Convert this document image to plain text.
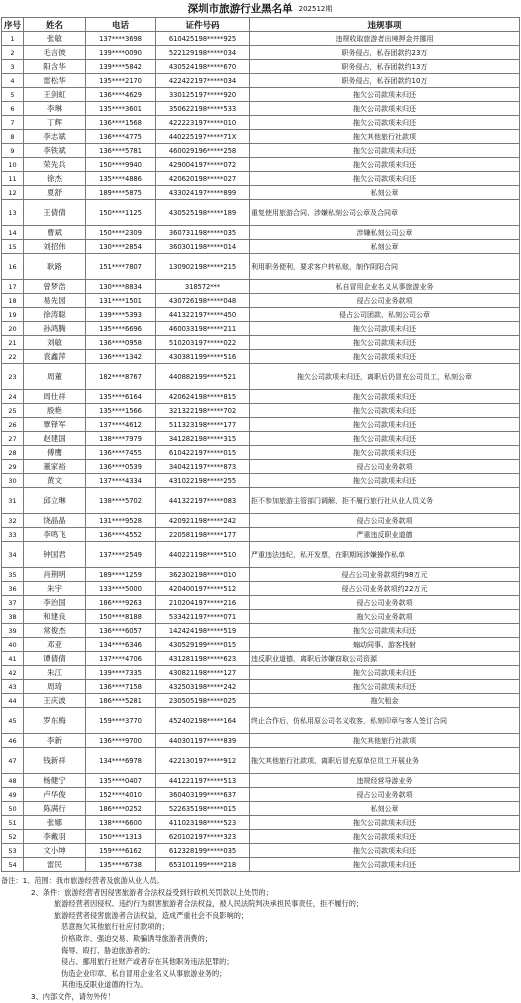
深圳市旅游行业黑名单 202512期
序号	姓名	电话	证件号码	违规事项
1	张敏	137****3698	610425198*****925	违规收取旅游者出境押金并挪用
2	毛言彼	139****0090	522129198*****034	职务侵占，私吞团款约23万
3	阳含华	139****5842	430524198*****670	职务侵占，私吞团款约13万
4	雷松华	135****2170	422422197*****034	职务侵占，私吞团款约10万
5	王剑虹	136****4629	330125197*****920	拖欠公司款项未归还
6	李琳	135****3601	350622198*****533	拖欠公司款项未归还
7	丁辉	136****1568	422223197*****010	拖欠公司款项未归还
8	李志斌	136****4775	440225197*****71X	拖欠其他旅行社款项
9	李铁斌	136****5781	460029196*****258	拖欠公司款项未归还
10	荣先兵	150****9940	429004197*****072	拖欠公司款项未归还
11	徐杰	135****4886	420620198*****027	拖欠公司款项未归还
12	夏舒	189****5875	433024197*****899	私刻公章
13	王倩倩	150****1125	430525198*****189	重复使用旅游合同、涉嫌私刻公司公章及合同章
14	曹斌	150****2309	360731198*****035	涉嫌私刻公司公章
15	刘招伟	130****2854	360301198*****014	私刻公章
16	耿路	151****7807	130902198*****215	利用职务便利，要求客户转私账，制作阴阳合同
17	曾梦浩	130****8834	318572***	私自冒用企业名义从事旅游业务
18	易先园	131****1501	430726198*****048	侵占公司业务款项
19	徐涛聪	139****5393	441322197*****450	侵占公司团款、私刻公司公章
20	孙鸿腾	135****6696	460033198*****211	拖欠公司款项未归还
21	刘敏	136****0958	510203197*****022	拖欠公司款项未归还
22	袁鑫萍	136****1342	430381199*****516	拖欠公司款项未归还
23	周董	182****8767	440882199*****521	拖欠公司款项未归还，离职后仍冒充公司员工，私刻公章
24	周仕祥	135****6164	420624198*****815	拖欠公司款项未归还
25	殷艳	135****1566	321322198*****702	拖欠公司款项未归还
26	覃铎军	137****4612	511323198*****177	拖欠公司款项未归还
27	赵建国	138****7979	341282198*****315	拖欠公司款项未归还
28	傅鹰	136****7455	610422197*****015	拖欠公司款项未归还
29	董家裕	136****0539	340421197*****873	侵占公司业务款项
30	黄文	137****4334	431022198*****255	拖欠公司款项未归还
31	邱立琳	138****5702	441322197*****083	拒不参加旅游主管部门调解，拒不履行旅行社从业人员义务
32	饶晶晶	131****9528	420921198*****242	侵占公司业务款项
33	李鸣飞	136****4552	220581198*****177	严重违反职业道德
34	钟国君	137****2549	440221198*****510	严重违法违纪，私开发票，在职期间涉嫌操作私单
35	肖荆明	189****1259	362302198*****010	侵占公司业务款项约98万元
36	朱宇	133****5000	420400197*****512	侵占公司业务款项约22万元
37	李治国	186****9263	210204197*****216	侵占公司业务款项
38	和建良	150****8188	533421197*****071	拖欠公司业务款项
39	常俊杰	136****6057	142424198*****519	拖欠公司款项未归还
40	邓亚	134****6346	430529199*****015	煽动同事、游客栈射
41	谭倩倩	137****4706	431281198*****623	违反职业道德，离职后涉嫌窃取公司资源
42	朱江	139****7335	430821198*****127	拖欠公司款项未归还
43	周琦	136****7158	432503198*****242	拖欠公司款项未归还
44	王庆波	186****5281	230505198*****025	拖欠租金
45	罗东梅	159****3770	452402198*****164	终止合作后，仿私用原公司名义收客，私刻印章与客人签订合同
46	李新	136****9700	440301197*****839	拖欠其他旅行社款项
47	钱新祥	134****6978	422130197*****912	拖欠其他旅行社款项、离职后冒充原单位员工开展业务
48	杨健宁	135****0407	441221197*****513	违规经营导游业务
49	卢华俊	152****4010	360403199*****637	侵占公司业务款项
50	陈满行	186****0252	522635198*****015	私刻公章
51	张娜	138****6600	411023198*****523	拖欠公司款项未归还
52	李戴羽	150****1313	620102197*****323	拖欠公司款项未归还
53	文小坤	159****6162	612328199*****035	拖欠公司款项未归还
54	雷民	135****6738	653101199*****218	拖欠公司款项未归还
备注：1、范围：我市旅游经营者及旅游从业人员。
2、条件：旅游经营者因侵害旅游者合法权益受到行政机关罚款以上处罚的；
旅游经营者因侵权、违约行为损害旅游者合法权益，被人民法院判决承担民事责任，拒不履行的；
旅游经营者侵害旅游者合法权益，造成严重社会不良影响的；
恶意拖欠其他旅行社应付款项的；
价格欺诈、强迫交易、欺骗诱导旅游者消费的；
侮辱、殴打、胁迫旅游者的；
侵占、挪用旅行社财产或者存在其他职务违法犯罪的；
伪造企业印章、私自冒用企业名义从事旅游业务的；
其他违反职业道德的行为。
3、内部文件，请勿外传！
